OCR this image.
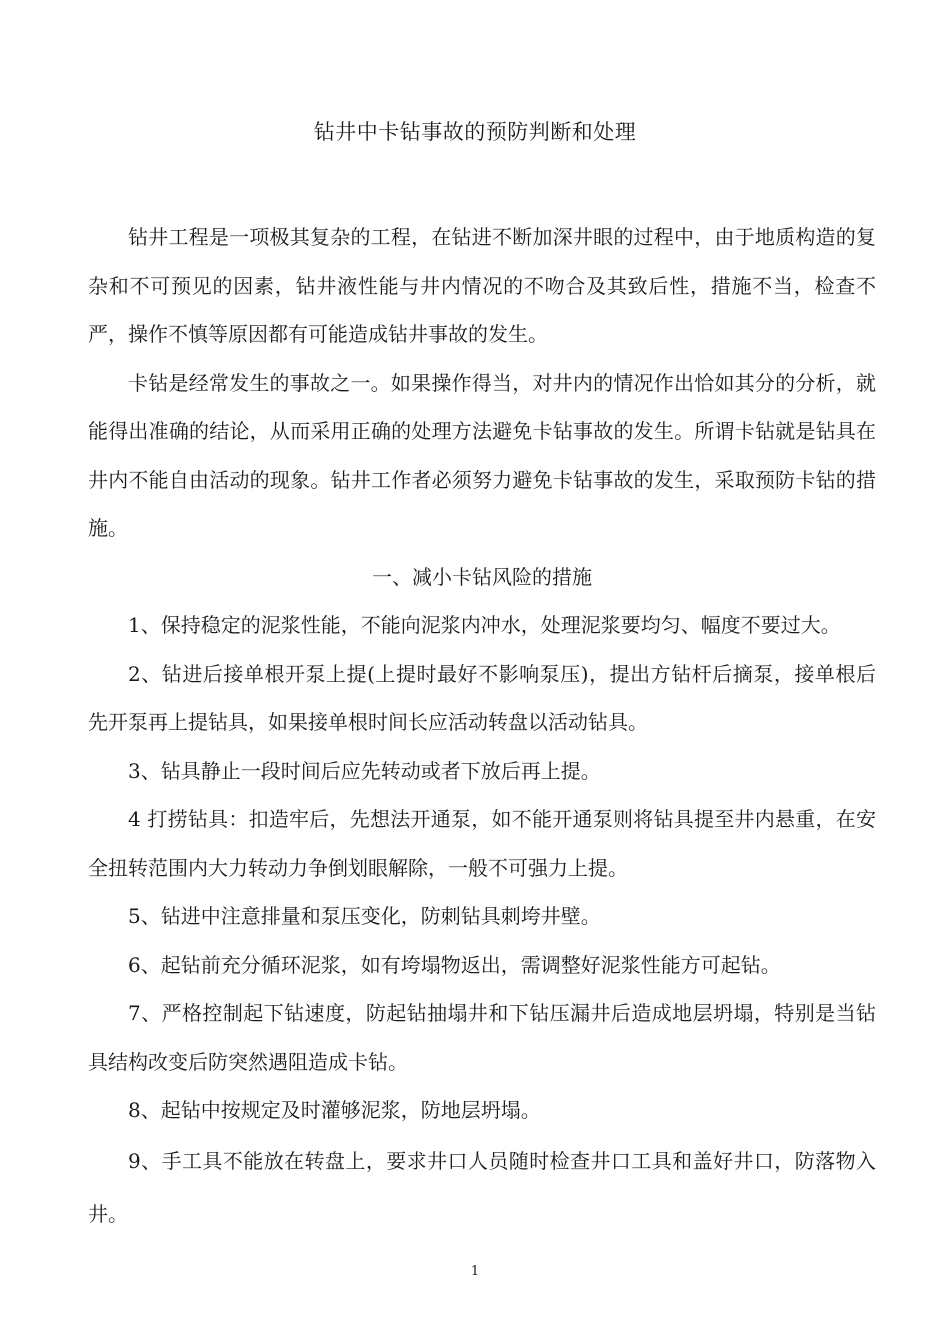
钻井中卡钻事故的预防判断和处理

钻井工程是一项极其复杂的工程，在钻进不断加深井眼的过程中，由于地质构造的复杂和不可预见的因素，钻井液性能与井内情况的不吻合及其致后性，措施不当，检查不严，操作不慎等原因都有可能造成钻井事故的发生。

卡钻是经常发生的事故之一。如果操作得当，对井内的情况作出恰如其分的分析，就能得出准确的结论，从而采用正确的处理方法避免卡钻事故的发生。所谓卡钻就是钻具在井内不能自由活动的现象。钻井工作者必须努力避免卡钻事故的发生，采取预防卡钻的措施。

一、减小卡钻风险的措施

1、保持稳定的泥浆性能，不能向泥浆内冲水，处理泥浆要均匀、幅度不要过大。

2、钻进后接单根开泵上提(上提时最好不影响泵压)，提出方钻杆后摘泵，接单根后先开泵再上提钻具，如果接单根时间长应活动转盘以活动钻具。

3、钻具静止一段时间后应先转动或者下放后再上提。

4 打捞钻具：扣造牢后，先想法开通泵，如不能开通泵则将钻具提至井内悬重，在安全扭转范围内大力转动力争倒划眼解除，一般不可强力上提。

5、钻进中注意排量和泵压变化，防刺钻具刺垮井壁。

6、起钻前充分循环泥浆，如有垮塌物返出，需调整好泥浆性能方可起钻。

7、严格控制起下钻速度，防起钻抽塌井和下钻压漏井后造成地层坍塌，特别是当钻具结构改变后防突然遇阻造成卡钻。

8、起钻中按规定及时灌够泥浆，防地层坍塌。

9、手工具不能放在转盘上，要求井口人员随时检查井口工具和盖好井口，防落物入井。

1
